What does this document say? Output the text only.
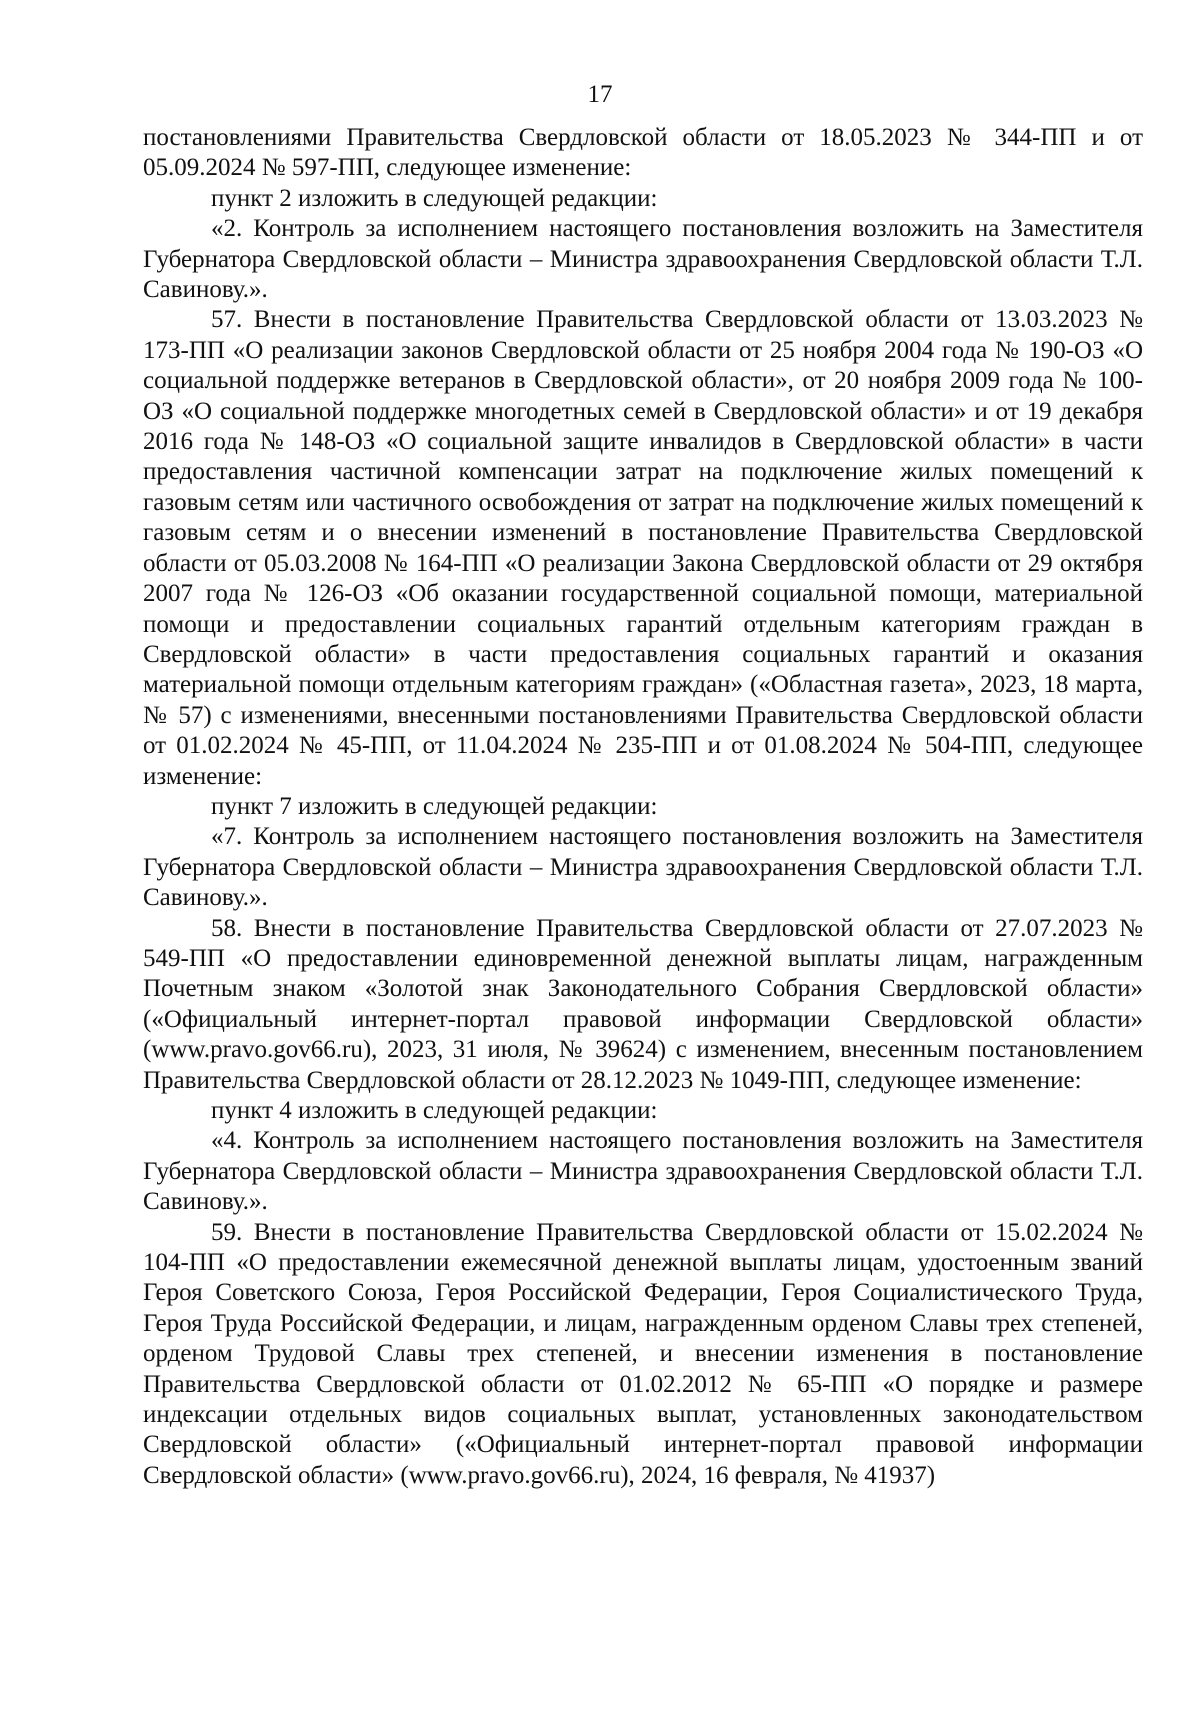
17

постановлениями Правительства Свердловской области от 18.05.2023 № 344-ПП и от 05.09.2024 № 597-ПП, следующее изменение:

пункт 2 изложить в следующей редакции:

«2. Контроль за исполнением настоящего постановления возложить на Заместителя Губернатора Свердловской области – Министра здравоохранения Свердловской области Т.Л. Савинову.».

57. Внести в постановление Правительства Свердловской области от 13.03.2023 № 173-ПП «О реализации законов Свердловской области от 25 ноября 2004 года № 190-ОЗ «О социальной поддержке ветеранов в Свердловской области», от 20 ноября 2009 года № 100-ОЗ «О социальной поддержке многодетных семей в Свердловской области» и от 19 декабря 2016 года № 148-ОЗ «О социальной защите инвалидов в Свердловской области» в части предоставления частичной компенсации затрат на подключение жилых помещений к газовым сетям или частичного освобождения от затрат на подключение жилых помещений к газовым сетям и о внесении изменений в постановление Правительства Свердловской области от 05.03.2008 № 164-ПП «О реализации Закона Свердловской области от 29 октября 2007 года № 126-ОЗ «Об оказании государственной социальной помощи, материальной помощи и предоставлении социальных гарантий отдельным категориям граждан в Свердловской области» в части предоставления социальных гарантий и оказания материальной помощи отдельным категориям граждан» («Областная газета», 2023, 18 марта, № 57) с изменениями, внесенными постановлениями Правительства Свердловской области от 01.02.2024 № 45-ПП, от 11.04.2024 № 235-ПП и от 01.08.2024 № 504-ПП, следующее изменение:

пункт 7 изложить в следующей редакции:

«7. Контроль за исполнением настоящего постановления возложить на Заместителя Губернатора Свердловской области – Министра здравоохранения Свердловской области Т.Л. Савинову.».

58. Внести в постановление Правительства Свердловской области от 27.07.2023 № 549-ПП «О предоставлении единовременной денежной выплаты лицам, награжденным Почетным знаком «Золотой знак Законодательного Собрания Свердловской области» («Официальный интернет-портал правовой информации Свердловской области» (www.pravo.gov66.ru), 2023, 31 июля, № 39624) с изменением, внесенным постановлением Правительства Свердловской области от 28.12.2023 № 1049-ПП, следующее изменение:

пункт 4 изложить в следующей редакции:

«4. Контроль за исполнением настоящего постановления возложить на Заместителя Губернатора Свердловской области – Министра здравоохранения Свердловской области Т.Л. Савинову.».

59. Внести в постановление Правительства Свердловской области от 15.02.2024 № 104-ПП «О предоставлении ежемесячной денежной выплаты лицам, удостоенным званий Героя Советского Союза, Героя Российской Федерации, Героя Социалистического Труда, Героя Труда Российской Федерации, и лицам, награжденным орденом Славы трех степеней, орденом Трудовой Славы трех степеней, и внесении изменения в постановление Правительства Свердловской области от 01.02.2012 № 65-ПП «О порядке и размере индексации отдельных видов социальных выплат, установленных законодательством Свердловской области» («Официальный интернет-портал правовой информации Свердловской области» (www.pravo.gov66.ru), 2024, 16 февраля, № 41937)
